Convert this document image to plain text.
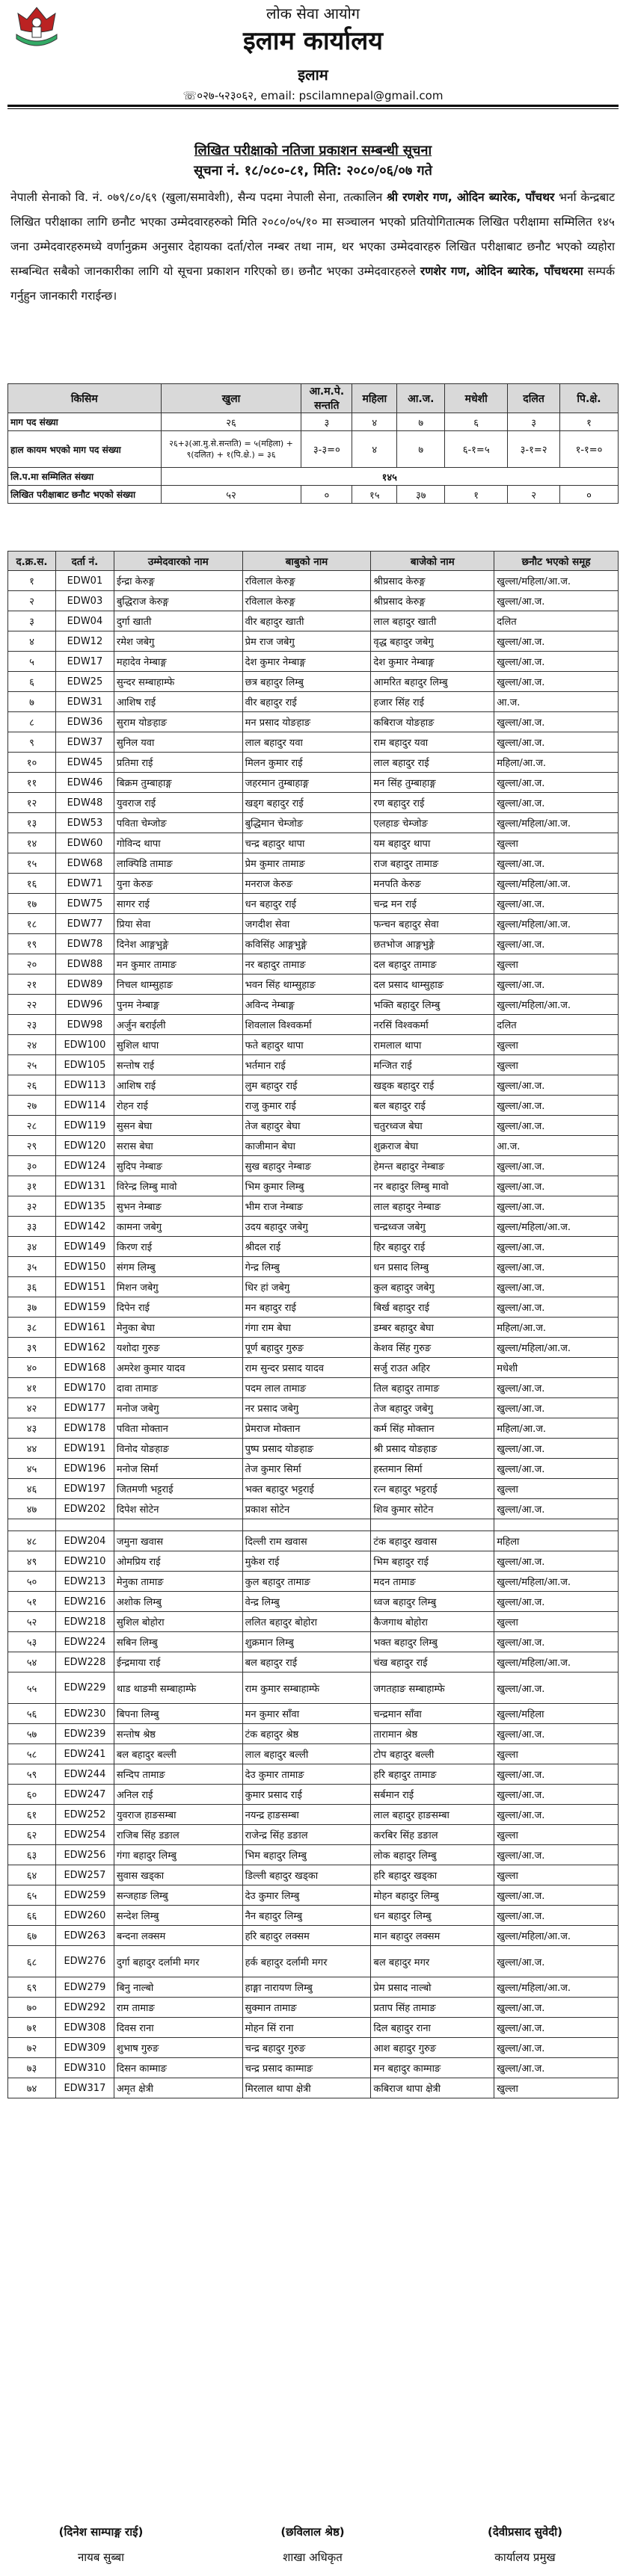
लोक सेवा आयोग
इलाम कार्यालय
इलाम
☏०२७-५२३०६२, email: pscilamnepal@gmail.com
लिखित परीक्षाको नतिजा प्रकाशन सम्बन्धी सूचना
सूचना नं. १८/०८०-८१, मिति: २०८०/०६/०७ गते
नेपाली सेनाको वि. नं. ०७९/८०/६९ (खुला/समावेशी), सैन्य पदमा नेपाली सेना, तत्कालिन श्री रणशेर गण, ओदिन ब्यारेक, पाँचथर भर्ना केन्द्रबाट लिखित परीक्षाका लागि छनौट भएका उम्मेदवारहरुको मिति २०८०/०५/१० मा सञ्चालन भएको प्रतियोगितात्मक लिखित परीक्षामा सम्मिलित १४५ जना उम्मेदवारहरुमध्ये वर्णानुक्रम अनुसार देहायका दर्ता/रोल नम्बर तथा नाम, थर भएका उम्मेदवारहरु लिखित परीक्षाबाट छनौट भएको व्यहोरा सम्बन्धित सबैको जानकारीका लागि यो सूचना प्रकाशन गरिएको छ। छनौट भएका उम्मेदवारहरुले रणशेर गण, ओदिन ब्यारेक, पाँचथरमा सम्पर्क गर्नुहुन जानकारी गराईन्छ।
किसिम	खुला	आ.म.पे. सन्तति	महिला	आ.ज.	मधेशी	दलित	पि.क्षे.
माग पद संख्या	२६	३	४	७	६	३	१
हाल कायम भएको माग पद संख्या	२६+३(आ.मु.से.सन्तति) = ५(महिला) + ९(दलित) + १(पि.क्षे.) = ३६	३-३=०	४	७	६-१=५	३-१=२	१-१=०
लि.प.मा सम्मिलित संख्या	१४५						
लिखित परीक्षाबाट छनौट भएको संख्या	५२	०	१५	३७	१	२	०
द.क्र.स.	दर्ता नं.	उम्मेदवारको नाम	बाबुको नाम	बाजेको नाम	छनौट भएको समूह
१	EDW01	ईन्द्रा केरुङ्ग	रविलाल केरुङ्ग	श्रीप्रसाद केरुङ्ग	खुल्ला/महिला/आ.ज.
२	EDW03	बुद्धिराज केरुङ्ग	रविलाल केरुङ्ग	श्रीप्रसाद केरुङ्ग	खुल्ला/आ.ज.
३	EDW04	दुर्गा खाती	वीर बहादुर खाती	लाल बहादुर खाती	दलित
४	EDW12	रमेश जबेगु	प्रेम राज जबेगु	वृद्ध बहादुर जबेगु	खुल्ला/आ.ज.
५	EDW17	महादेव नेम्बाङ्ग	देश कुमार नेम्बाङ्ग	देश कुमार नेम्बाङ्ग	खुल्ला/आ.ज.
६	EDW25	सुन्दर सम्बाहाम्फे	छत्र बहादुर लिम्बु	आमरित बहादुर लिम्बु	खुल्ला/आ.ज.
७	EDW31	आशिष राई	वीर बहादुर राई	हजार सिंह राई	आ.ज.
८	EDW36	सुराम योङहाङ	मन प्रसाद योङहाङ	कबिराज योङहाङ	खुल्ला/आ.ज.
९	EDW37	सुनिल यवा	लाल बहादुर यवा	राम बहादुर यवा	खुल्ला/आ.ज.
१०	EDW45	प्रतिमा राई	मिलन कुमार राई	लाल बहादुर राई	महिला/आ.ज.
११	EDW46	बिक्रम तुम्बाहाङ्ग	जहरमान तुम्बाहाङ्ग	मन सिंह तुम्बाहाङ्ग	खुल्ला/आ.ज.
१२	EDW48	युवराज राई	खड्ग बहादुर राई	रण बहादुर राई	खुल्ला/आ.ज.
१३	EDW53	पविता चेम्जोङ	बुद्धिमान चेम्जोङ	एलहाङ चेम्जोङ	खुल्ला/महिला/आ.ज.
१४	EDW60	गोविन्द थापा	चन्द्र बहादुर थापा	यम बहादुर थापा	खुल्ला
१५	EDW68	लाक्पिडि तामाङ	प्रेम कुमार तामाङ	राज बहादुर तामाङ	खुल्ला/आ.ज.
१६	EDW71	युना केरुङ	मनराज केरुङ	मनपति केरुङ	खुल्ला/महिला/आ.ज.
१७	EDW75	सागर राई	धन बहादुर राई	चन्द्र मन राई	खुल्ला/आ.ज.
१८	EDW77	प्रिया सेवा	जगदीश सेवा	फन्चन बहादुर सेवा	खुल्ला/महिला/आ.ज.
१९	EDW78	दिनेश आङ्गभुङ्गे	कविसिंह आङ्गभुङ्गे	छतभोज आङ्गभुङ्गे	खुल्ला/आ.ज.
२०	EDW88	मन कुमार तामाङ	नर बहादुर तामाङ	दल बहादुर तामाङ	खुल्ला
२१	EDW89	निचल थाम्सुहाङ	भवन सिंह थाम्सुहाङ	दल प्रसाद थाम्सुहाङ	खुल्ला/आ.ज.
२२	EDW96	पुनम नेम्बाङ्ग	अविन्द नेम्बाङ्ग	भक्ति बहादुर लिम्बु	खुल्ला/महिला/आ.ज.
२३	EDW98	अर्जुन बराईली	शिवलाल विश्वकर्मा	नरसिं विश्वकर्मा	दलित
२४	EDW100	सुशिल थापा	फते बहादुर थापा	रामलाल थापा	खुल्ला
२५	EDW105	सन्तोष राई	भर्तमान राई	मन्जित राई	खुल्ला
२६	EDW113	आशिष राई	लुम बहादुर राई	खड्क बहादुर राई	खुल्ला/आ.ज.
२७	EDW114	रोहन राई	राजु कुमार राई	बल बहादुर राई	खुल्ला/आ.ज.
२८	EDW119	सुसन बेघा	तेज बहादुर बेघा	चतुरध्वज बेघा	खुल्ला/आ.ज.
२९	EDW120	सरास बेघा	काजीमान बेघा	शुक्रराज बेघा	आ.ज.
३०	EDW124	सुदिप नेम्बाङ	सुख बहादुर नेम्बाङ	हेमन्त बहादुर नेम्बाङ	खुल्ला/आ.ज.
३१	EDW131	विरेन्द्र लिम्बु मावो	भिम कुमार लिम्बु	नर बहादुर लिम्बु मावो	खुल्ला/आ.ज.
३२	EDW135	सुभन नेम्बाङ	भीम राज नेम्बाङ	लाल बहादुर नेम्बाङ	खुल्ला/आ.ज.
३३	EDW142	कामना जबेगु	उदय बहादुर जबेगु	चन्द्रध्वज जबेगु	खुल्ला/महिला/आ.ज.
३४	EDW149	किरण राई	श्रीदल राई	हिर बहादुर राई	खुल्ला/आ.ज.
३५	EDW150	संगम लिम्बु	गेन्द्र लिम्बु	धन प्रसाद लिम्बु	खुल्ला/आ.ज.
३६	EDW151	मिशन जबेगु	धिर हां जबेगु	कुल बहादुर जबेगु	खुल्ला/आ.ज.
३७	EDW159	दिपेन राई	मन बहादुर राई	बिर्ख बहादुर राई	खुल्ला/आ.ज.
३८	EDW161	मेनुका बेघा	गंगा राम बेघा	डम्बर बहादुर बेघा	महिला/आ.ज.
३९	EDW162	यशोदा गुरुङ	पूर्ण बहादुर गुरुङ	केशव सिंह गुरुङ	खुल्ला/महिला/आ.ज.
४०	EDW168	अमरेश कुमार यादव	राम सुन्दर प्रसाद यादव	सर्जु राउत अहिर	मधेशी
४१	EDW170	दावा तामाङ	पदम लाल तामाङ	तिल बहादुर तामाङ	खुल्ला/आ.ज.
४२	EDW177	मनोज जबेगु	नर प्रसाद जबेगु	तेज बहादुर जबेगु	खुल्ला/आ.ज.
४३	EDW178	पविता मोक्तान	प्रेमराज मोक्तान	कर्म सिंह मोक्तान	महिला/आ.ज.
४४	EDW191	विनोद योङहाङ	पुष्प प्रसाद योङहाङ	श्री प्रसाद योङहाङ	खुल्ला/आ.ज.
४५	EDW196	मनोज सिर्मा	तेज कुमार सिर्मा	हस्तमान सिर्मा	खुल्ला/आ.ज.
४६	EDW197	जितमणी भट्टराई	भक्त बहादुर भट्टराई	रत्न बहादुर भट्टराई	खुल्ला
४७	EDW202	दिपेश सोटेन	प्रकाश सोटेन	शिव कुमार सोटेन	खुल्ला/आ.ज.

४८	EDW204	जमुना खवास	दिल्ली राम खवास	टंक बहादुर खवास	महिला
४९	EDW210	ओमप्रिय राई	मुकेश राई	भिम बहादुर राई	खुल्ला/आ.ज.
५०	EDW213	मेनुका तामाङ	कुल बहादुर तामाङ	मदन तामाङ	खुल्ला/महिला/आ.ज.
५१	EDW216	अशोक लिम्बु	वेन्द्र लिम्बु	ध्वज बहादुर लिम्बु	खुल्ला/आ.ज.
५२	EDW218	सुशिल बोहोरा	ललित बहादुर बोहोरा	कैजगाथ बोहोरा	खुल्ला
५३	EDW224	सबिन लिम्बु	शुक्रमान लिम्बु	भक्त बहादुर लिम्बु	खुल्ला/आ.ज.
५४	EDW228	ईन्द्रमाया राई	बल बहादुर राई	चंख बहादुर राई	खुल्ला/महिला/आ.ज.
५५	EDW229	थाड थाङमी सम्बाहाम्फे	राम कुमार सम्बाहाम्फे	जगतहाङ सम्बाहाम्फे	खुल्ला/आ.ज.
५६	EDW230	बिपना लिम्बु	मन कुमार साँवा	चन्द्रमान साँवा	खुल्ला/महिला
५७	EDW239	सन्तोष श्रेष्ठ	टंक बहादुर श्रेष्ठ	तारामान श्रेष्ठ	खुल्ला/आ.ज.
५८	EDW241	बल बहादुर बल्ली	लाल बहादुर बल्ली	टोप बहादुर बल्ली	खुल्ला
५९	EDW244	सन्दिप तामाङ	देउ कुमार तामाङ	हरि बहादुर तामाङ	खुल्ला/आ.ज.
६०	EDW247	अनिल राई	कुमार प्रसाद राई	सर्बमान राई	खुल्ला/आ.ज.
६१	EDW252	युवराज हाङसम्बा	नयन्द्र हाङसम्बा	लाल बहादुर हाङसम्बा	खुल्ला/आ.ज.
६२	EDW254	राजिब सिंह डङाल	राजेन्द्र सिंह डङाल	करबिर सिंह डङाल	खुल्ला
६३	EDW256	गंगा बहादुर लिम्बु	भिम बहादुर लिम्बु	लोक बहादुर लिम्बु	खुल्ला/आ.ज.
६४	EDW257	सुवास खड्का	डिल्ली बहादुर खड्का	हरि बहादुर खड्का	खुल्ला
६५	EDW259	सन्जहाङ लिम्बु	देउ कुमार लिम्बु	मोहन बहादुर लिम्बु	खुल्ला/आ.ज.
६६	EDW260	सन्देश लिम्बु	नैन बहादुर लिम्बु	धन बहादुर लिम्बु	खुल्ला/आ.ज.
६७	EDW263	बन्दना लक्सम	हरि बहादुर लक्सम	मान बहादुर लक्सम	खुल्ला/महिला/आ.ज.
६८	EDW276	दुर्गा बहादुर दर्लामी मगर	हर्क बहादुर दर्लामी मगर	बल बहादुर मगर	खुल्ला/आ.ज.
६९	EDW279	बिनु नाल्बो	हाङ्गा नारायण लिम्बु	प्रेम प्रसाद नाल्बो	खुल्ला/महिला/आ.ज.
७०	EDW292	राम तामाङ	सुक्मान तामाङ	प्रताप सिंह तामाङ	खुल्ला/आ.ज.
७१	EDW308	दिवस राना	मोहन सिं राना	दिल बहादुर राना	खुल्ला/आ.ज.
७२	EDW309	शुभाष गुरुङ	चन्द्र बहादुर गुरुङ	आश बहादुर गुरुङ	खुल्ला/आ.ज.
७३	EDW310	दिसन काम्माङ	चन्द्र प्रसाद काम्माङ	मन बहादुर काम्माङ	खुल्ला/आ.ज.
७४	EDW317	अमृत क्षेत्री	मिरलाल थापा क्षेत्री	कबिराज थापा क्षेत्री	खुल्ला
(दिनेश साम्पाङ्ग राई)
नायब सुब्बा
(छविलाल श्रेष्ठ)
शाखा अधिकृत
(देवीप्रसाद सुवेदी)
कार्यालय प्रमुख
